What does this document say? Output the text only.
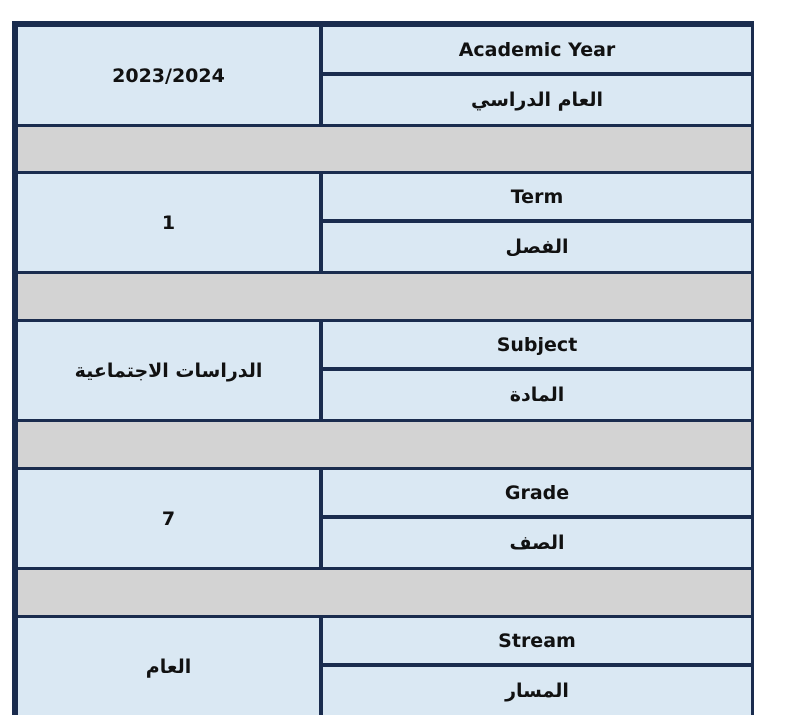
2023/2024
Academic Year
العام الدراسي
1
Term
الفصل
الدراسات الاجتماعية
Subject
المادة
7
Grade
الصف
العام
Stream
المسار
